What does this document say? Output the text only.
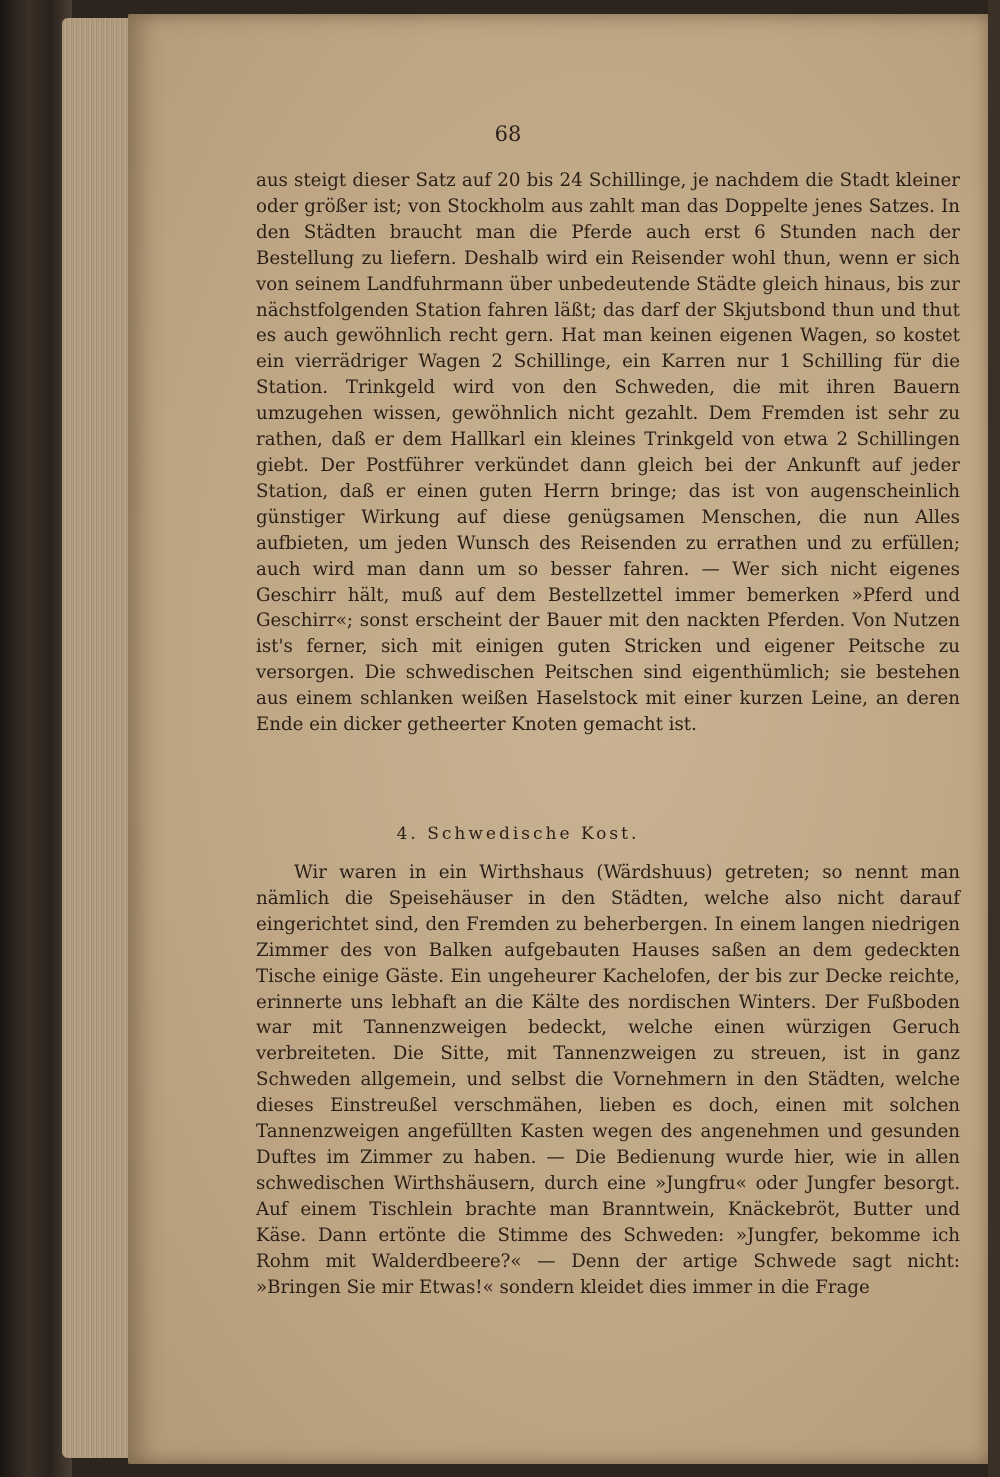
68

aus steigt dieser Satz auf 20 bis 24 Schillinge, je nachdem die Stadt kleiner oder größer ist; von Stockholm aus zahlt man das Doppelte jenes Satzes. In den Städten braucht man die Pferde auch erst 6 Stunden nach der Bestellung zu liefern. Deshalb wird ein Reisender wohl thun, wenn er sich von seinem Landfuhrmann über unbedeutende Städte gleich hinaus, bis zur nächstfolgenden Station fahren läßt; das darf der Skjutsbond thun und thut es auch gewöhnlich recht gern. Hat man keinen eigenen Wagen, so kostet ein vierrädriger Wagen 2 Schillinge, ein Karren nur 1 Schilling für die Station. Trinkgeld wird von den Schweden, die mit ihren Bauern umzugehen wissen, gewöhnlich nicht gezahlt. Dem Fremden ist sehr zu rathen, daß er dem Hallkarl ein kleines Trinkgeld von etwa 2 Schillingen giebt. Der Postführer verkündet dann gleich bei der Ankunft auf jeder Station, daß er einen guten Herrn bringe; das ist von augenscheinlich günstiger Wirkung auf diese genügsamen Menschen, die nun Alles aufbieten, um jeden Wunsch des Reisenden zu errathen und zu erfüllen; auch wird man dann um so besser fahren. — Wer sich nicht eigenes Geschirr hält, muß auf dem Bestellzettel immer bemerken »Pferd und Geschirr«; sonst erscheint der Bauer mit den nackten Pferden. Von Nutzen ist's ferner, sich mit einigen guten Stricken und eigener Peitsche zu versorgen. Die schwedischen Peitschen sind eigenthümlich; sie bestehen aus einem schlanken weißen Haselstock mit einer kurzen Leine, an deren Ende ein dicker getheerter Knoten gemacht ist.

4. Schwedische Kost.

Wir waren in ein Wirthshaus (Wärdshuus) getreten; so nennt man nämlich die Speisehäuser in den Städten, welche also nicht darauf eingerichtet sind, den Fremden zu beherbergen. In einem langen niedrigen Zimmer des von Balken aufgebauten Hauses saßen an dem gedeckten Tische einige Gäste. Ein ungeheurer Kachelofen, der bis zur Decke reichte, erinnerte uns lebhaft an die Kälte des nordischen Winters. Der Fußboden war mit Tannenzweigen bedeckt, welche einen würzigen Geruch verbreiteten. Die Sitte, mit Tannenzweigen zu streuen, ist in ganz Schweden allgemein, und selbst die Vornehmern in den Städten, welche dieses Einstreußel verschmähen, lieben es doch, einen mit solchen Tannenzweigen angefüllten Kasten wegen des angenehmen und gesunden Duftes im Zimmer zu haben. — Die Bedienung wurde hier, wie in allen schwedischen Wirthshäusern, durch eine »Jungfru« oder Jungfer besorgt. Auf einem Tischlein brachte man Branntwein, Knäckebröt, Butter und Käse. Dann ertönte die Stimme des Schweden: »Jungfer, bekomme ich Rohm mit Walderdbeere?« — Denn der artige Schwede sagt nicht: »Bringen Sie mir Etwas!« sondern kleidet dies immer in die Frage
